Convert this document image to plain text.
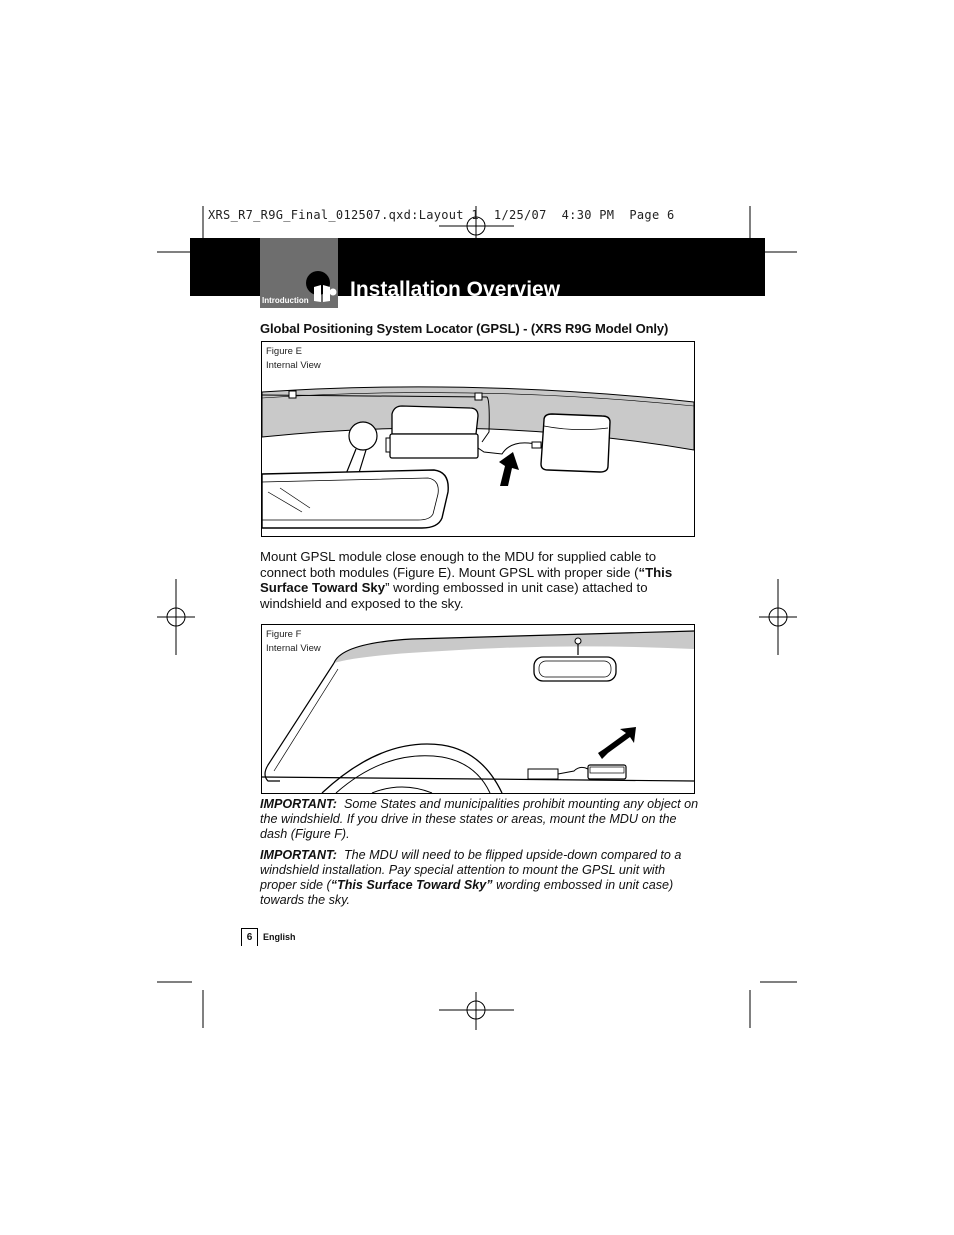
XRS_R7_R9G_Final_012507.qxd:Layout 1  1/25/07  4:30 PM  Page 6
Introduction Installation Overview
Global Positioning System Locator (GPSL) - (XRS R9G Model Only)
Figure E
Internal View
Mount GPSL module close enough to the MDU for supplied cable to connect both modules (Figure E). Mount GPSL with proper side (“This Surface Toward Sky” wording embossed in unit case) attached to windshield and exposed to the sky.
Figure F
Internal View
IMPORTANT: Some States and municipalities prohibit mounting any object on the windshield. If you drive in these states or areas, mount the MDU on the dash (Figure F).
IMPORTANT: The MDU will need to be flipped upside-down compared to a windshield installation. Pay special attention to mount the GPSL unit with proper side (“This Surface Toward Sky” wording embossed in unit case) towards the sky.
6	English
